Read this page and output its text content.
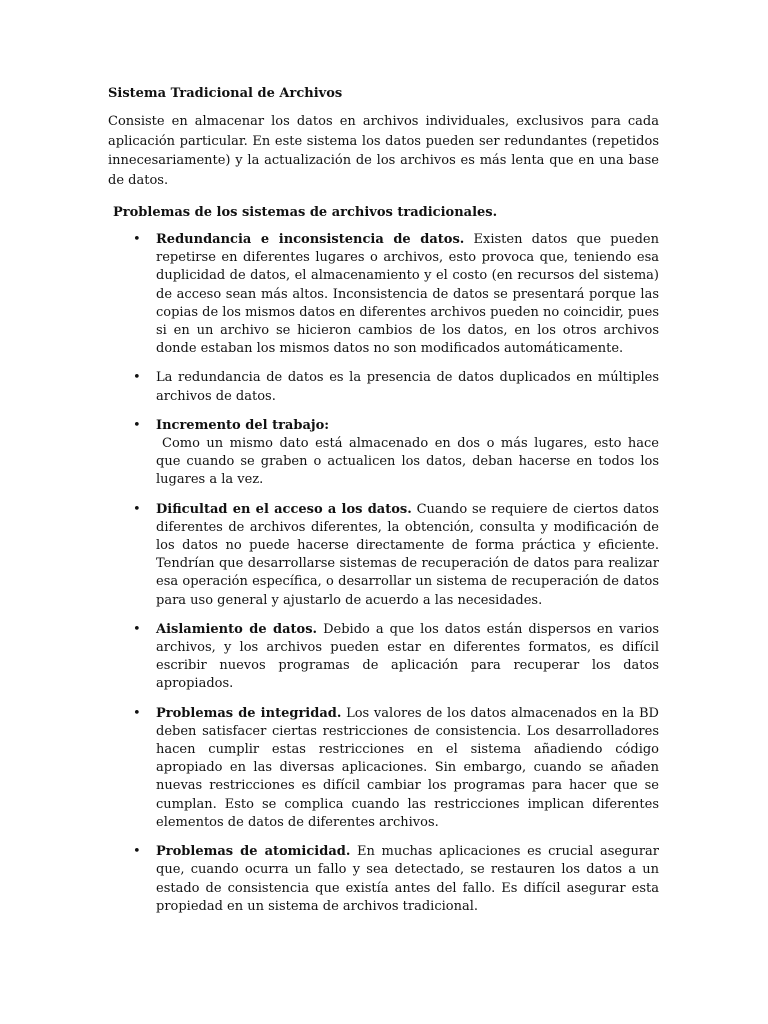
Sistema Tradicional de Archivos

Consiste en almacenar los datos en archivos individuales, exclusivos para cada aplicación particular. En este sistema los datos pueden ser redundantes (repetidos innecesariamente) y la actualización de los archivos es más lenta que en una base de datos.

Problemas de los sistemas de archivos tradicionales.
• Redundancia e inconsistencia de datos. Existen datos que pueden repetirse en diferentes lugares o archivos, esto provoca que, teniendo esa duplicidad de datos, el almacenamiento y el costo (en recursos del sistema) de acceso sean más altos. Inconsistencia de datos se presentará porque las copias de los mismos datos en diferentes archivos pueden no coincidir, pues si en un archivo se hicieron cambios de los datos, en los otros archivos donde estaban los mismos datos no son modificados automáticamente.
• La redundancia de datos es la presencia de datos duplicados en múltiples archivos de datos.
• Incremento del trabajo:
Como un mismo dato está almacenado en dos o más lugares, esto hace que cuando se graben o actualicen los datos, deban hacerse en todos los lugares a la vez.
• Dificultad en el acceso a los datos. Cuando se requiere de ciertos datos diferentes de archivos diferentes, la obtención, consulta y modificación de los datos no puede hacerse directamente de forma práctica y eficiente. Tendrían que desarrollarse sistemas de recuperación de datos para realizar esa operación específica, o desarrollar un sistema de recuperación de datos para uso general y ajustarlo de acuerdo a las necesidades.
• Aislamiento de datos. Debido a que los datos están dispersos en varios archivos, y los archivos pueden estar en diferentes formatos, es difícil escribir nuevos programas de aplicación para recuperar los datos apropiados.
• Problemas de integridad. Los valores de los datos almacenados en la BD deben satisfacer ciertas restricciones de consistencia. Los desarrolladores hacen cumplir estas restricciones en el sistema añadiendo código apropiado en las diversas aplicaciones. Sin embargo, cuando se añaden nuevas restricciones es difícil cambiar los programas para hacer que se cumplan. Esto se complica cuando las restricciones implican diferentes elementos de datos de diferentes archivos.
• Problemas de atomicidad. En muchas aplicaciones es crucial asegurar que, cuando ocurra un fallo y sea detectado, se restauren los datos a un estado de consistencia que existía antes del fallo. Es difícil asegurar esta propiedad en un sistema de archivos tradicional.
